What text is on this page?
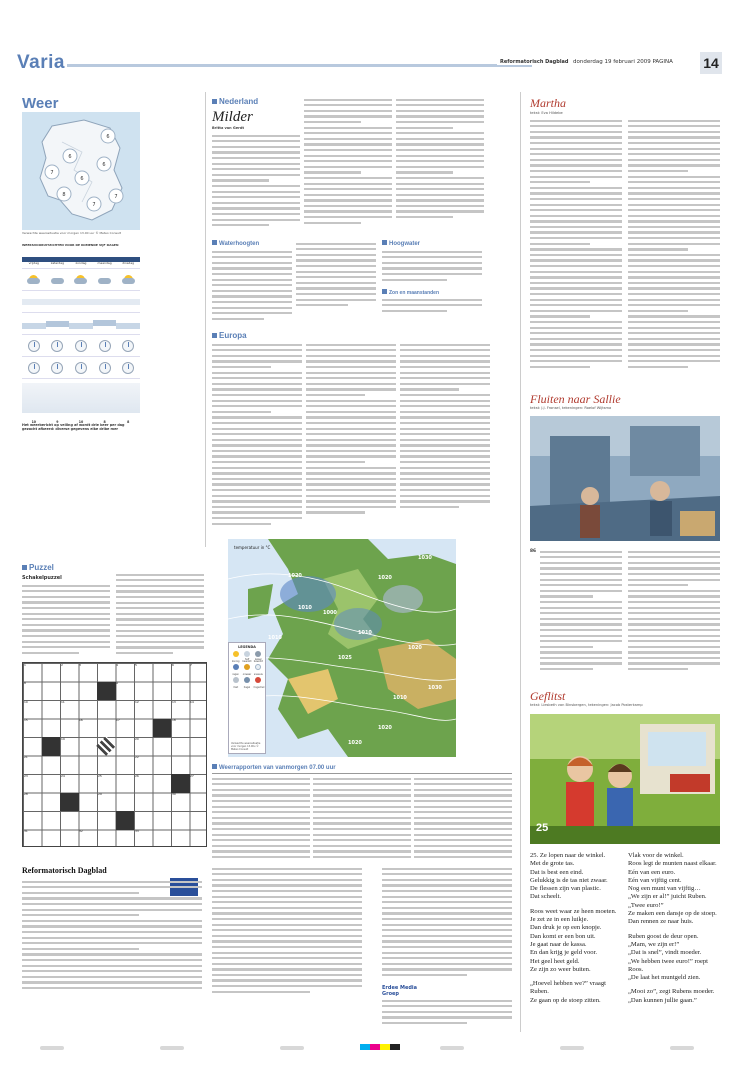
Varia	Reformatorisch Dagblad donderdag 19 februari 2009 PAGINA 14
Weer
6
6
6
7
6
8
7
7
Verwachte weerssituatie voor morgen 13.00 uur © Meteo Consult
WEERSVOORUITZICHTEN VOOR DE KOMENDE VIJF DAGEN
vrijdag	zaterdag	zondag	maandag	dinsdag
10	9	10	8	8
Het weerbericht op velling af wordt drie keer per dag gezocht afkeerd: diverse gegevens elke dribe mer
Nederland
Milder
Britta van Gerdt
Waterhoogten	Hoogwater
Zon en maanstanden
Europa
temperatuur in °C
1020	1020
1030
1030
1025
1010
1010
1020
1000
1020
1010
1020
1010
LEGENDA
zonnig
half bewolkt
zwaar bewolkt
regen	onweer sneeuw
mist	hagel	hogedruk
Verwachte weerssituatie voor morgen 13.00u © Meteo Consult
Weerrapporten van vanmorgen 07.00 uur
Puzzel
Schakelpuzzel
1	2	3	4	5	6	7
8	9
10	11	12	13	14
15	16	17	18
19	20
21	22
23	24	25	26	27
28	29	30
31	32	33
Reformatorisch Dagblad
Erdee Media Groep
Martha
tekst: Eva Hildebe
Fluiten naar Sallie
tekst: J.J. Fronsel, tekeningen: Roelof Wijtsma
86
Geflitst
tekst: Liesbeth van Binsbergen, tekeningen: Jacob Posterkamp
25
25. Ze lopen naar de winkel.
Met de grote tas.
Dat is best een eind.
Gelukkig is de tas niet zwaar.
De flessen zijn van plastic.
Dat scheelt.
Roos weet waar ze heen moeten.
Je zet ze in een luikje.
Dan druk je op een knopje.
Dan komt er een bon uit.
Je gaat naar de kassa.
En dan krijg je geld voor.
Het geel heet geld.
Ze zijn zo weer buiten.
„Hoevel hebben we?” vraagt
Ruben.
Ze gaan op de stoep zitten.
Vlak voor de winkel.
Roos legt de munten naast elkaar.
Eén van een euro.
Eén van vijftig cent.
Nog een munt van vijftig…
„We zijn er al!” juicht Ruben.
„Twee euro!”
Ze maken een dansje op de stoep.
Dan rennen ze naar huis.
Ruben goost de deur open.
„Mam, we zijn er!”
„Dat is snel”, vindt moeder.
„We hebben twee euro!” roept
Roos.
„De laat het muntgeld zien.
„Mooi zo”, zegt Rubens moeder.
„Dan kunnen jullie gaan.”
